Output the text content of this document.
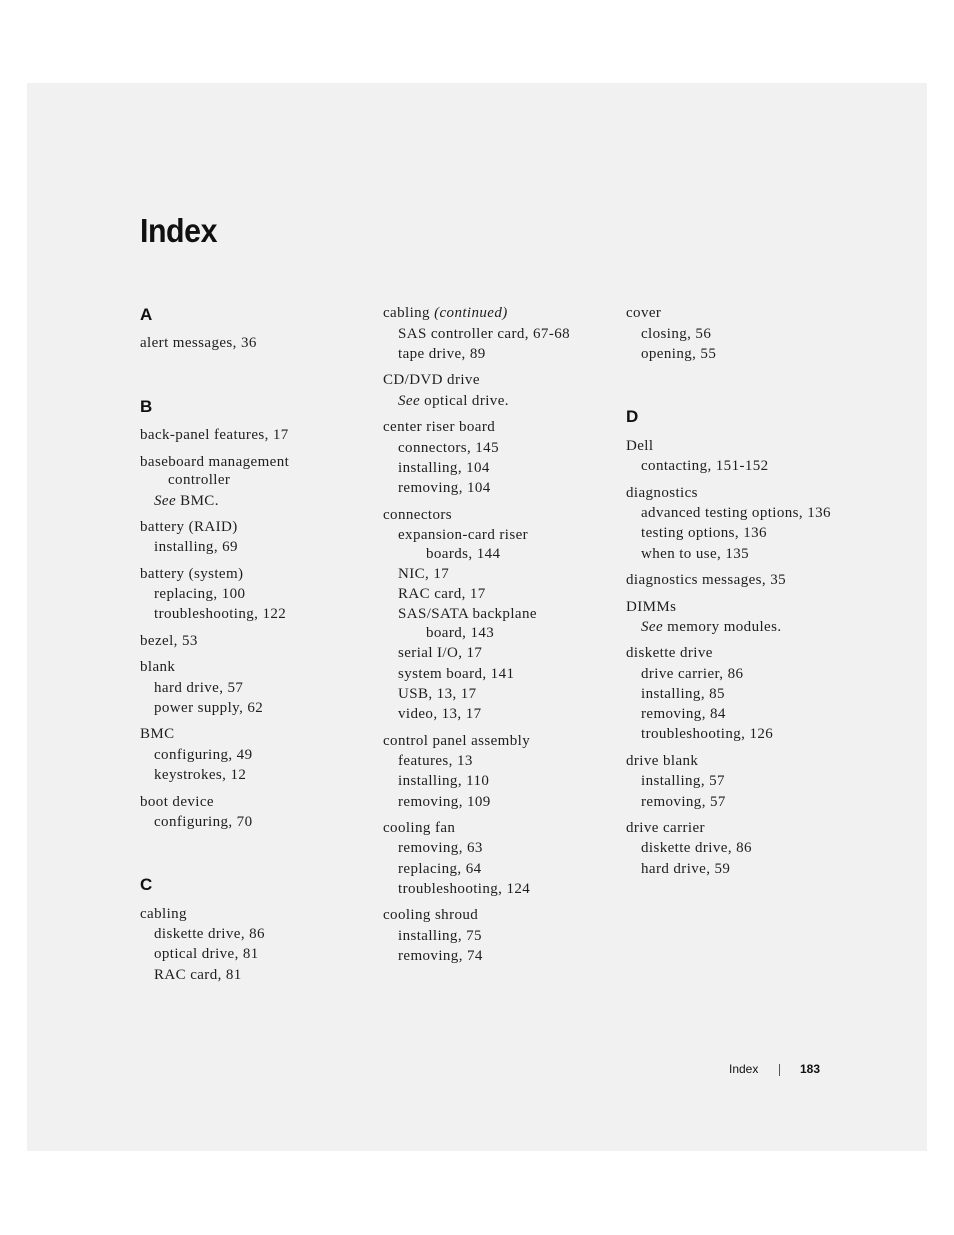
Index
A
alert messages, 36
B
back-panel features, 17
baseboard management
controller
See BMC.
battery (RAID)
installing, 69
battery (system)
replacing, 100
troubleshooting, 122
bezel, 53
blank
hard drive, 57
power supply, 62
BMC
configuring, 49
keystrokes, 12
boot device
configuring, 70
C
cabling
diskette drive, 86
optical drive, 81
RAC card, 81
cabling (continued)
SAS controller card, 67-68
tape drive, 89
CD/DVD drive
See optical drive.
center riser board
connectors, 145
installing, 104
removing, 104
connectors
expansion-card riser
boards, 144
NIC, 17
RAC card, 17
SAS/SATA backplane
board, 143
serial I/O, 17
system board, 141
USB, 13, 17
video, 13, 17
control panel assembly
features, 13
installing, 110
removing, 109
cooling fan
removing, 63
replacing, 64
troubleshooting, 124
cooling shroud
installing, 75
removing, 74
cover
closing, 56
opening, 55
D
Dell
contacting, 151-152
diagnostics
advanced testing options, 136
testing options, 136
when to use, 135
diagnostics messages, 35
DIMMs
See memory modules.
diskette drive
drive carrier, 86
installing, 85
removing, 84
troubleshooting, 126
drive blank
installing, 57
removing, 57
drive carrier
diskette drive, 86
hard drive, 59
Index	183
